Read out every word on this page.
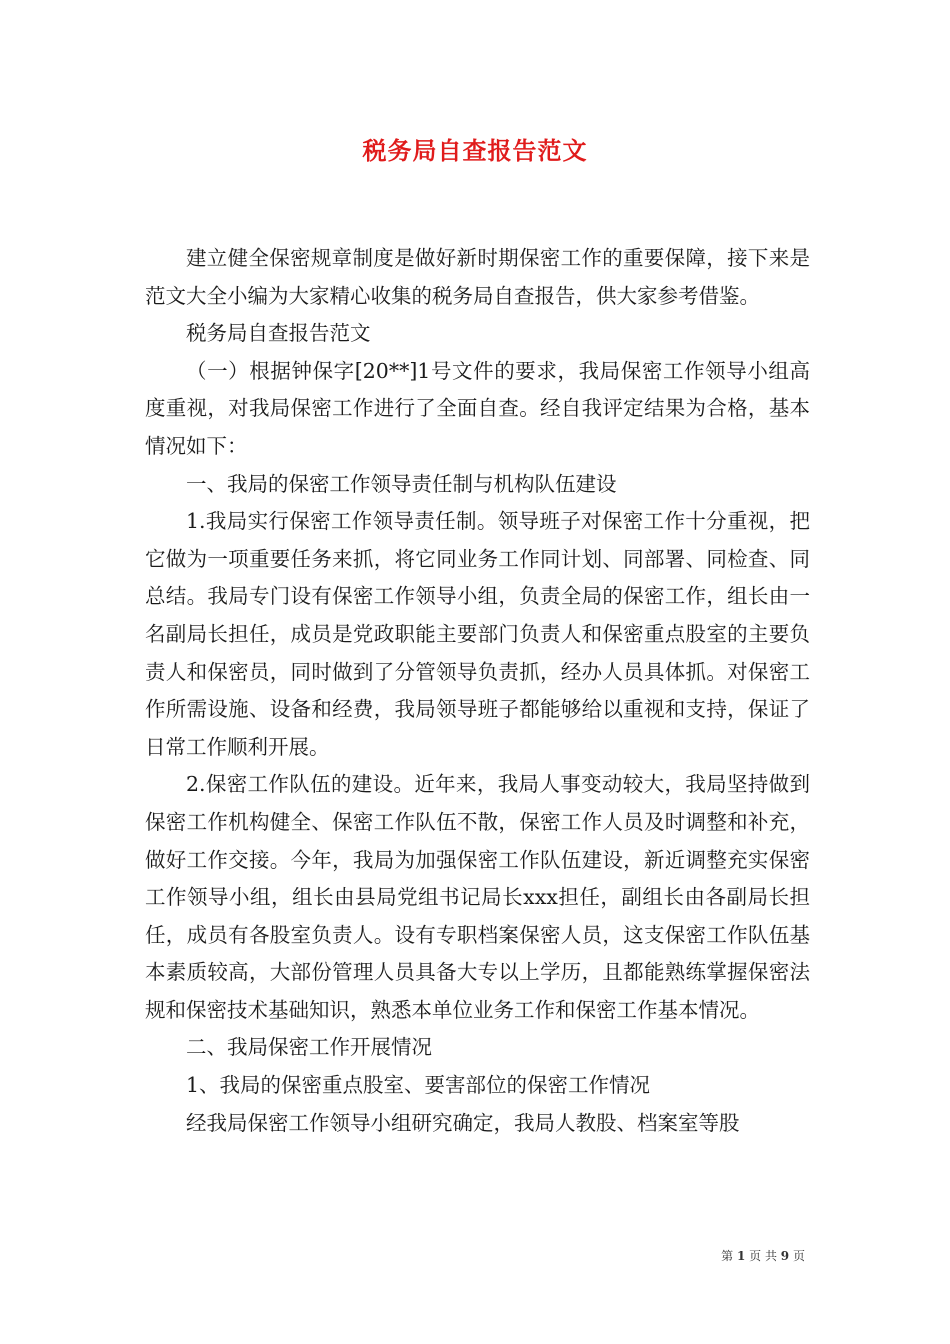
税务局自查报告范文

建立健全保密规章制度是做好新时期保密工作的重要保障，接下来是范文大全小编为大家精心收集的税务局自查报告，供大家参考借鉴。

税务局自查报告范文

（一）根据钟保字[20**]1号文件的要求，我局保密工作领导小组高度重视，对我局保密工作进行了全面自查。经自我评定结果为合格，基本情况如下：

一、我局的保密工作领导责任制与机构队伍建设

1.我局实行保密工作领导责任制。领导班子对保密工作十分重视，把它做为一项重要任务来抓，将它同业务工作同计划、同部署、同检查、同总结。我局专门设有保密工作领导小组，负责全局的保密工作，组长由一名副局长担任，成员是党政职能主要部门负责人和保密重点股室的主要负责人和保密员，同时做到了分管领导负责抓，经办人员具体抓。对保密工作所需设施、设备和经费，我局领导班子都能够给以重视和支持，保证了日常工作顺利开展。

2.保密工作队伍的建设。近年来，我局人事变动较大，我局坚持做到保密工作机构健全、保密工作队伍不散，保密工作人员及时调整和补充，做好工作交接。今年，我局为加强保密工作队伍建设，新近调整充实保密工作领导小组，组长由县局党组书记局长xxx担任，副组长由各副局长担任，成员有各股室负责人。设有专职档案保密人员，这支保密工作队伍基本素质较高，大部份管理人员具备大专以上学历，且都能熟练掌握保密法规和保密技术基础知识，熟悉本单位业务工作和保密工作基本情况。

二、我局保密工作开展情况

1、我局的保密重点股室、要害部位的保密工作情况

经我局保密工作领导小组研究确定，我局人教股、档案室等股

第 1 页 共 9 页
